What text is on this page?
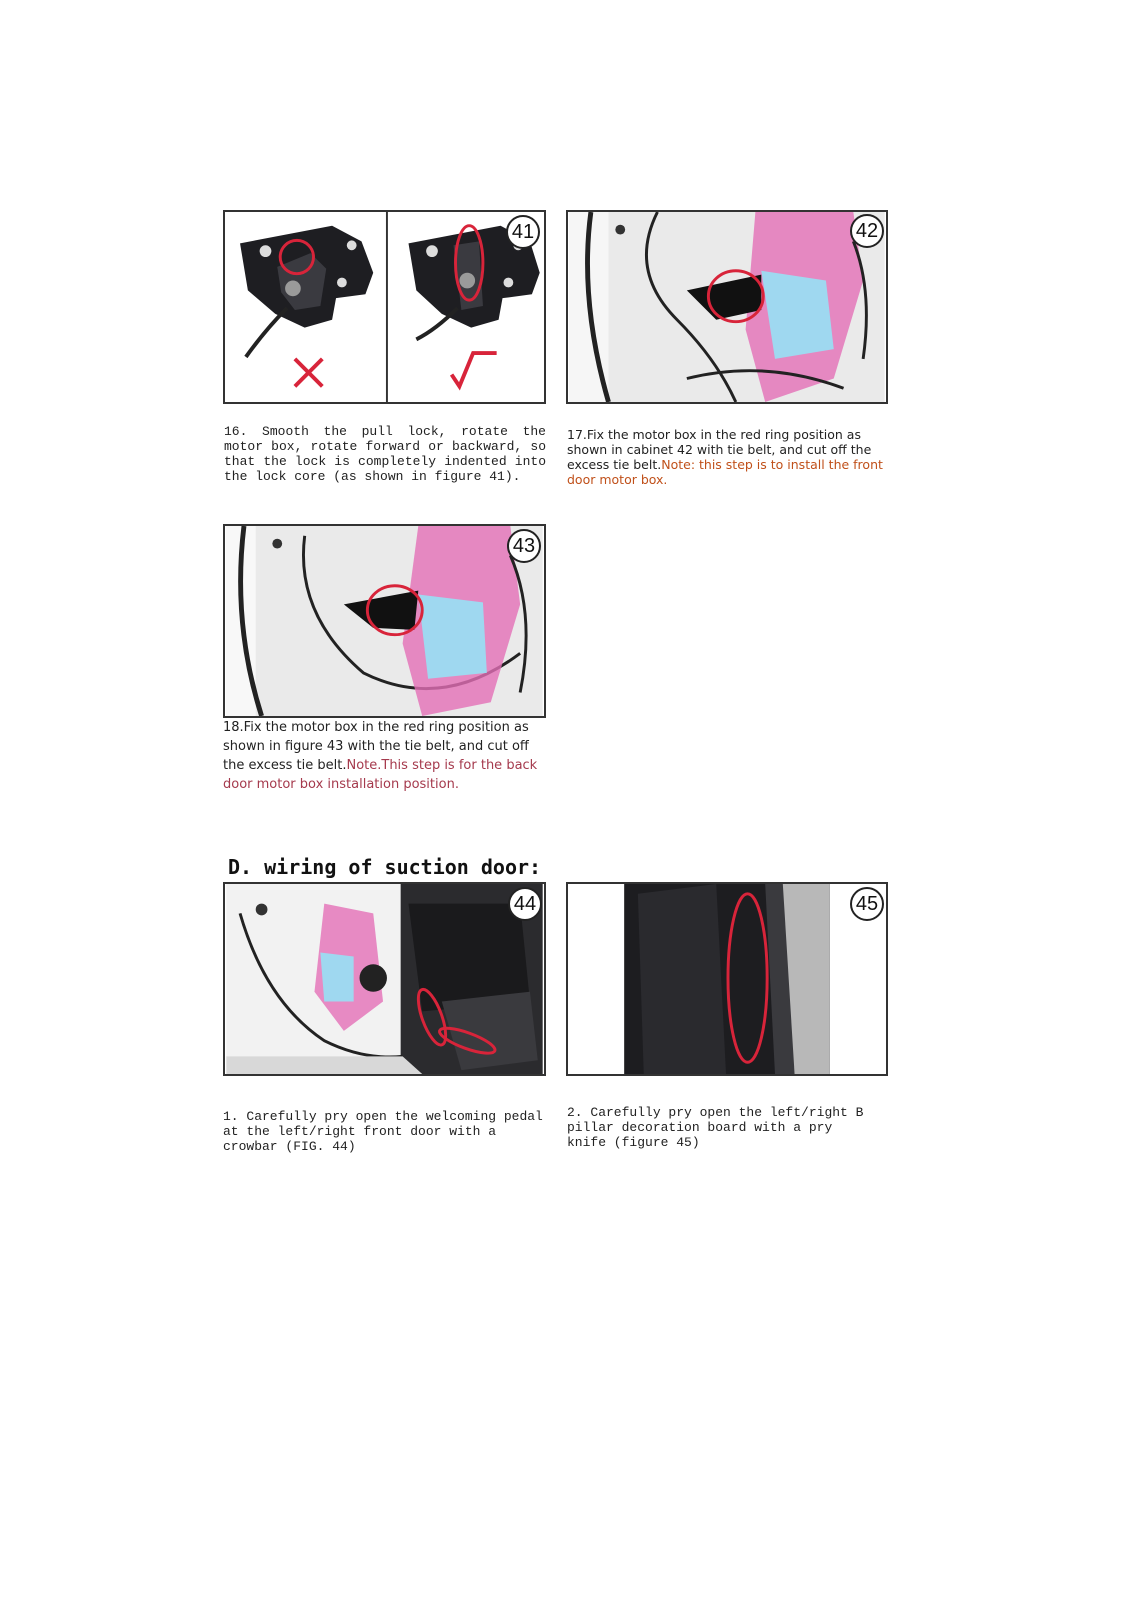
41	42

16. Smooth the pull lock, rotate the motor box, rotate forward or backward, so that the lock is completely indented into the lock core (as shown in figure 41).

17.Fix the motor box in the red ring position as shown in cabinet 42 with tie belt, and cut off the excess tie belt.Note: this step is to install the front door motor box.

43

18.Fix the motor box in the red ring position as shown in figure 43 with the tie belt, and cut off the excess tie belt.Note.This step is for the back door motor box installation position.

D. wiring of suction door:
44	45

1. Carefully pry open the welcoming pedal at the left/right front door with a crowbar (FIG. 44)

2. Carefully pry open the left/right B pillar decoration board with a pry knife (figure 45)
